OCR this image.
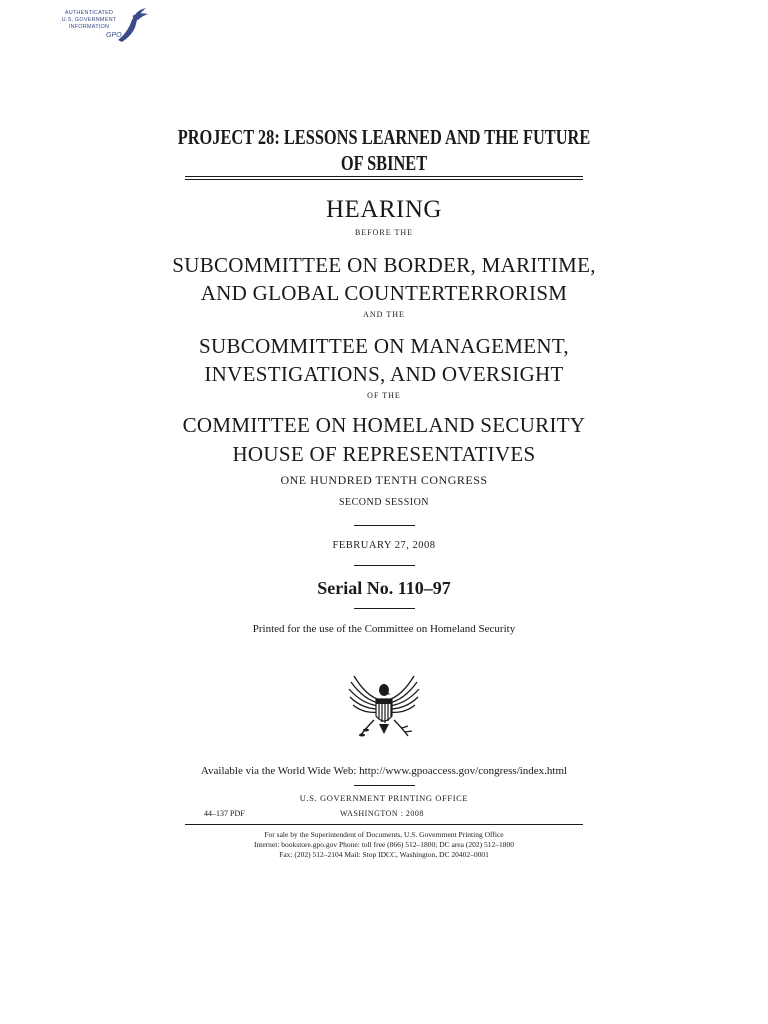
AUTHENTICATED
U.S. GOVERNMENT
INFORMATION
GPO
PROJECT 28: LESSONS LEARNED AND THE FUTURE
OF SBINET
HEARING
BEFORE THE
SUBCOMMITTEE ON BORDER, MARITIME,
AND GLOBAL COUNTERTERRORISM
AND THE
SUBCOMMITTEE ON MANAGEMENT,
INVESTIGATIONS, AND OVERSIGHT
OF THE
COMMITTEE ON HOMELAND SECURITY
HOUSE OF REPRESENTATIVES
ONE HUNDRED TENTH CONGRESS
SECOND SESSION
FEBRUARY 27, 2008
Serial No. 110–97
Printed for the use of the Committee on Homeland Security
Available via the World Wide Web: http://www.gpoaccess.gov/congress/index.html
U.S. GOVERNMENT PRINTING OFFICE
44–137 PDF	WASHINGTON : 2008
For sale by the Superintendent of Documents, U.S. Government Printing Office
Internet: bookstore.gpo.gov Phone: toll free (866) 512–1800; DC area (202) 512–1800
Fax: (202) 512–2104 Mail: Stop IDCC, Washington, DC 20402–0001
